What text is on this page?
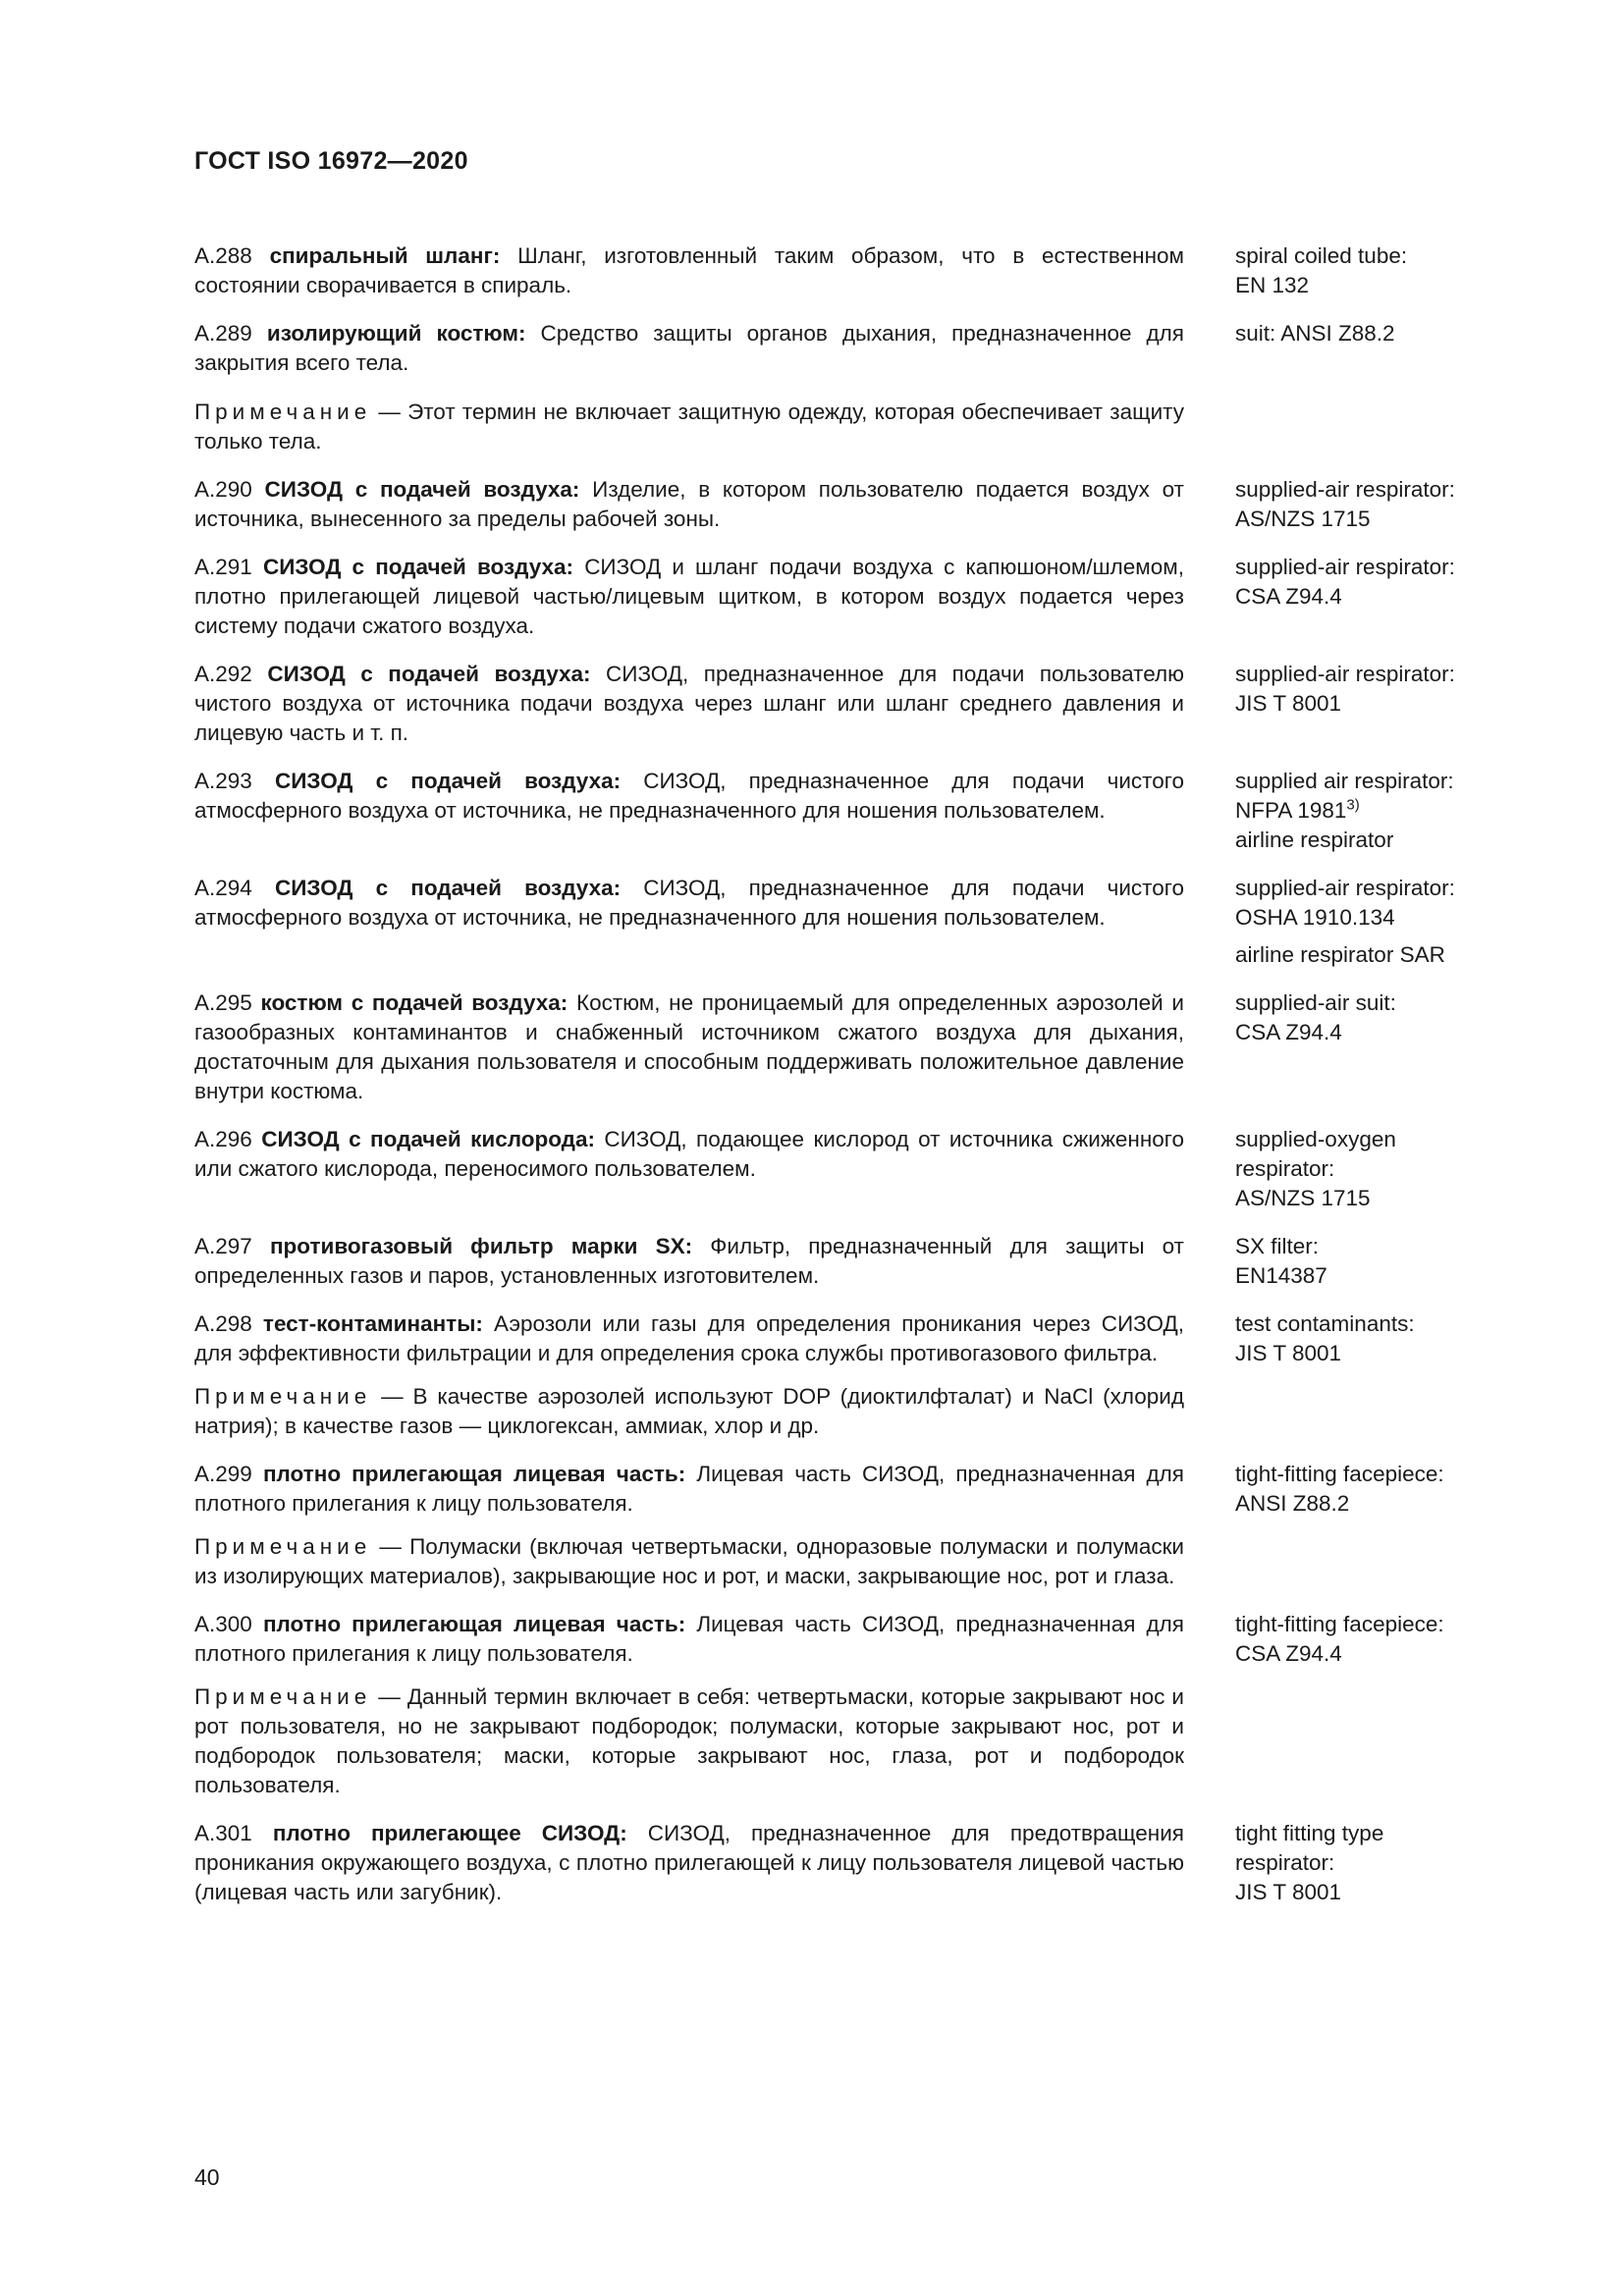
ГОСТ ISO 16972—2020
A.288 спиральный шланг: Шланг, изготовленный таким образом, что в естественном состоянии сворачивается в спираль.
spiral coiled tube:
EN 132
A.289 изолирующий костюм: Средство защиты органов дыхания, предназначенное для закрытия всего тела.
Примечание — Этот термин не включает защитную одежду, которая обеспечивает защиту только тела.
suit: ANSI Z88.2
A.290 СИЗОД с подачей воздуха: Изделие, в котором пользователю подается воздух от источника, вынесенного за пределы рабочей зоны.
supplied-air respirator:
AS/NZS 1715
A.291 СИЗОД с подачей воздуха: СИЗОД и шланг подачи воздуха с капюшоном/шлемом, плотно прилегающей лицевой частью/лицевым щитком, в котором воздух подается через систему подачи сжатого воздуха.
supplied-air respirator:
CSA Z94.4
A.292 СИЗОД с подачей воздуха: СИЗОД, предназначенное для подачи пользователю чистого воздуха от источника подачи воздуха через шланг или шланг среднего давления и лицевую часть и т. п.
supplied-air respirator:
JIS T 8001
A.293 СИЗОД с подачей воздуха: СИЗОД, предназначенное для подачи чистого атмосферного воздуха от источника, не предназначенного для ношения пользователем.
supplied air respirator:
NFPA 1981$^{3)}$
airline respirator
A.294 СИЗОД с подачей воздуха: СИЗОД, предназначенное для подачи чистого атмосферного воздуха от источника, не предназначенного для ношения пользователем.
supplied-air respirator:
OSHA 1910.134
airline respirator SAR
A.295 костюм с подачей воздуха: Костюм, не проницаемый для определенных аэрозолей и газообразных контаминантов и снабженный источником сжатого воздуха для дыхания, достаточным для дыхания пользователя и способным поддерживать положительное давление внутри костюма.
supplied-air suit:
CSA Z94.4
A.296 СИЗОД с подачей кислорода: СИЗОД, подающее кислород от источника сжиженного или сжатого кислорода, переносимого пользователем.
supplied-oxygen
respirator:
AS/NZS 1715
A.297 противогазовый фильтр марки SX: Фильтр, предназначенный для защиты от определенных газов и паров, установленных изготовителем.
SX filter:
EN14387
A.298 тест-контаминанты: Аэрозоли или газы для определения проникания через СИЗОД, для эффективности фильтрации и для определения срока службы противогазового фильтра.
Примечание — В качестве аэрозолей используют DOP (диоктилфталат) и NaCl (хлорид натрия); в качестве газов — циклогексан, аммиак, хлор и др.
test contaminants:
JIS T 8001
A.299 плотно прилегающая лицевая часть: Лицевая часть СИЗОД, предназначенная для плотного прилегания к лицу пользователя.
Примечание — Полумаски (включая четвертьмаски, одноразовые полумаски и полумаски из изолирующих материалов), закрывающие нос и рот, и маски, закрывающие нос, рот и глаза.
tight-fitting facepiece:
ANSI Z88.2
A.300 плотно прилегающая лицевая часть: Лицевая часть СИЗОД, предназначенная для плотного прилегания к лицу пользователя.
Примечание — Данный термин включает в себя: четвертьмаски, которые закрывают нос и рот пользователя, но не закрывают подбородок; полумаски, которые закрывают нос, рот и подбородок пользователя; маски, которые закрывают нос, глаза, рот и подбородок пользователя.
tight-fitting facepiece:
CSA Z94.4
A.301 плотно прилегающее СИЗОД: СИЗОД, предназначенное для предотвращения проникания окружающего воздуха, с плотно прилегающей к лицу пользователя лицевой частью (лицевая часть или загубник).
tight fitting type
respirator:
JIS T 8001
40
